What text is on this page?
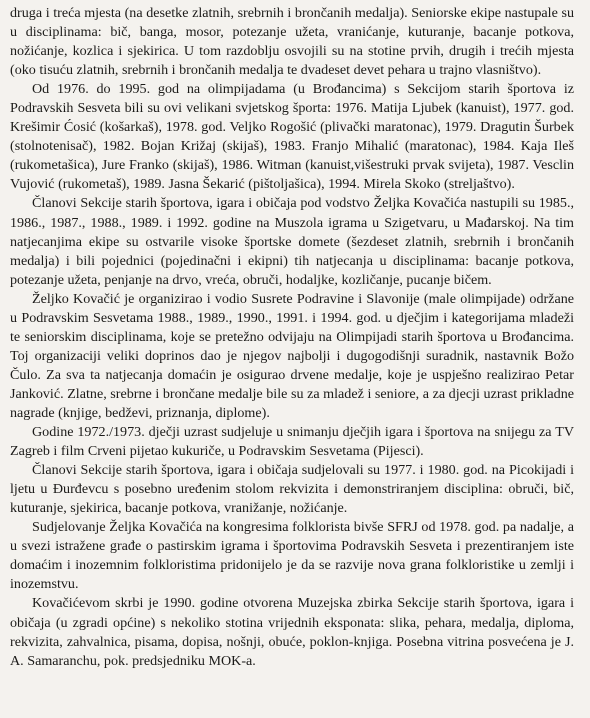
druga i treća mjesta (na desetke zlatnih, srebrnih i brončanih medalja). Seniorske ekipe nastupale su u disciplinama: bič, banga, mosor, potezanje užeta, vranićanje, kuturanje, bacanje potkova, nožićanje, kozlica i sjekirica. U tom razdoblju osvojili su na stotine prvih, drugih i trećih mjesta (oko tisuću zlatnih, srebrnih i brončanih medalja te dvadeset devet pehara u trajno vlasništvo).

Od 1976. do 1995. god na olimpijadama (u Brođancima) s Sekcijom starih športova iz Podravskih Sesveta bili su ovi velikani svjetskog športa: 1976. Matija Ljubek (kanuist), 1977. god. Krešimir Ćosić (košarkaš), 1978. god. Veljko Rogošić (plivački maratonac), 1979. Dragutin Šurbek (stolnotenisač), 1982. Bojan Križaj (skijaš), 1983. Franjo Mihalić (maratonac), 1984. Kaja Ileš (rukometašica), Jure Franko (skijaš), 1986. Witman (kanuist,višestruki prvak svijeta), 1987. Vesclin Vujović (rukometaš), 1989. Jasna Šekarić (pištoljašica), 1994. Mirela Skoko (streljaštvo).

Članovi Sekcije starih športova, igara i običaja pod vodstvo Željka Kovačića nastupili su 1985., 1986., 1987., 1988., 1989. i 1992. godine na Muszola igrama u Szigetvaru, u Mađarskoj. Na tim natjecanjima ekipe su ostvarile visoke športske domete (šezdeset zlatnih, srebrnih i brončanih medalja) i bili pojednici (pojedinačni i ekipni) tih natjecanja u disciplinama: bacanje potkova, potezanje užeta, penjanje na drvo, vreća, obruči, hodaljke, kozličanje, pucanje bičem.

Željko Kovačić je organizirao i vodio Susrete Podravine i Slavonije (male olimpijade) održane u Podravskim Sesvetama 1988., 1989., 1990., 1991. i 1994. god. u dječjim i kategorijama mladeži te seniorskim disciplinama, koje se pretežno odvijaju na Olimpijadi starih športova u Brođancima. Toj organizaciji veliki doprinos dao je njegov najbolji i dugogodišnji suradnik, nastavnik Božo Čulo. Za sva ta natjecanja domaćin je osigurao drvene medalje, koje je uspješno realizirao Petar Janković. Zlatne, srebrne i brončane medalje bile su za mladež i seniore, a za djecji uzrast prikladne nagrade (knjige, bedževi, priznanja, diplome).

Godine 1972./1973. dječji uzrast sudjeluje u snimanju dječjih igara i športova na snijegu za TV Zagreb i film Crveni pijetao kukuriče, u Podravskim Sesvetama (Pijesci).

Članovi Sekcije starih športova, igara i običaja sudjelovali su 1977. i 1980. god. na Picokijadi i ljetu u Đurđevcu s posebno uređenim stolom rekvizita i demonstriranjem disciplina: obruči, bič, kuturanje, sjekirica, bacanje potkova, vranižanje, nožićanje.

Sudjelovanje Željka Kovačića na kongresima folklorista bivše SFRJ od 1978. god. pa nadalje, a u svezi istražene građe o pastirskim igrama i športovima Podravskih Sesveta i prezentiranjem iste domaćim i inozemnim folkloristima pridonijelo je da se razvije nova grana folkloristike u zemlji i inozemstvu.

Kovačićevom skrbi je 1990. godine otvorena Muzejska zbirka Sekcije starih športova, igara i običaja (u zgradi općine) s nekoliko stotina vrijednih eksponata: slika, pehara, medalja, diploma, rekvizita, zahvalnica, pisama, dopisa, nošnji, obuće, poklon-knjiga. Posebna vitrina posvećena je J. A. Samaranchu, pok. predsjedniku MOK-a.
